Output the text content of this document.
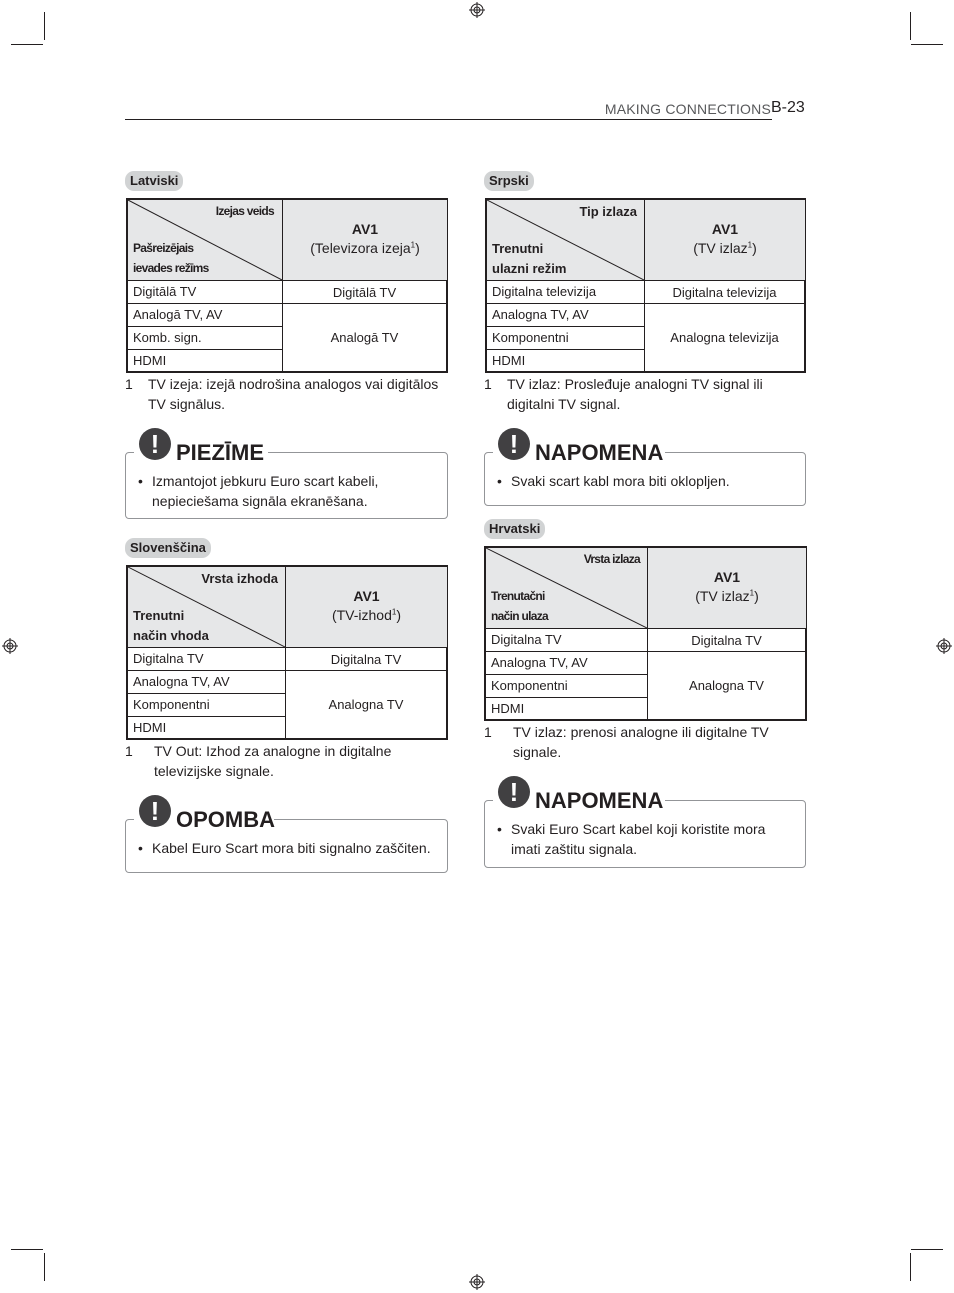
MAKING CONNECTIONS B-23
Latviski
Izejas veids
Pašreizējais
ievades režīms
AV1
(Televizora izeja$^1$)
Digitālā TV
Analogā TV, AV
Komb. sign.
HDMI
Digitālā TV
Analogā TV
1 TV izeja: izejā nodrošina analogos vai digitālos
TV signālus.
! PIEZĪME
• Izmantojot jebkuru Euro scart kabeli,
nepieciešama signāla ekranēšana.
Slovenščina
Vrsta izhoda
Trenutni
način vhoda
AV1
(TV-izhod$^1$)
Digitalna TV
Analogna TV, AV
Komponentni
HDMI
Digitalna TV
Analogna TV
1 TV Out: Izhod za analogne in digitalne
televizijske signale.
! OPOMBA
• Kabel Euro Scart mora biti signalno zaščiten.
Srpski
Tip izlaza
Trenutni
ulazni režim
AV1
(TV izlaz$^1$)
Digitalna televizija
Analogna TV, AV
Komponentni
HDMI
Digitalna televizija
Analogna televizija
1 TV izlaz: Prosleđuje analogni TV signal ili
digitalni TV signal.
! NAPOMENA
• Svaki scart kabl mora biti oklopljen.
Hrvatski
Vrsta izlaza
Trenutačni
način ulaza
AV1
(TV izlaz$^1$)
Digitalna TV
Analogna TV, AV
Komponentni
HDMI
Digitalna TV
Analogna TV
1 TV izlaz: prenosi analogne ili digitalne TV
signale.
! NAPOMENA
• Svaki Euro Scart kabel koji koristite mora
imati zaštitu signala.
